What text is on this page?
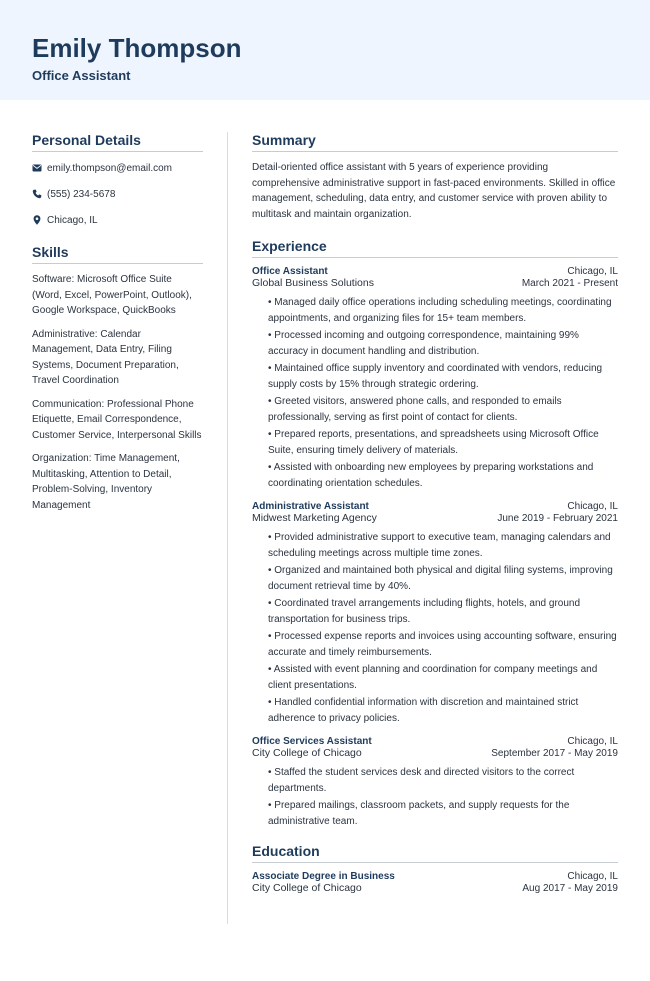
Emily Thompson
Office Assistant
Personal Details
emily.thompson@email.com
(555) 234-5678
Chicago, IL
Skills
Software: Microsoft Office Suite (Word, Excel, PowerPoint, Outlook), Google Workspace, QuickBooks
Administrative: Calendar Management, Data Entry, Filing Systems, Document Preparation, Travel Coordination
Communication: Professional Phone Etiquette, Email Correspondence, Customer Service, Interpersonal Skills
Organization: Time Management, Multitasking, Attention to Detail, Problem-Solving, Inventory Management
Summary

Detail-oriented office assistant with 5 years of experience providing comprehensive administrative support in fast-paced environments. Skilled in office management, scheduling, data entry, and customer service with proven ability to multitask and maintain organization.

Experience
Office Assistant	Chicago, IL
Global Business Solutions	March 2021 - Present
• Managed daily office operations including scheduling meetings, coordinating appointments, and organizing files for 15+ team members.
• Processed incoming and outgoing correspondence, maintaining 99% accuracy in document handling and distribution.
• Maintained office supply inventory and coordinated with vendors, reducing supply costs by 15% through strategic ordering.
• Greeted visitors, answered phone calls, and responded to emails professionally, serving as first point of contact for clients.
• Prepared reports, presentations, and spreadsheets using Microsoft Office Suite, ensuring timely delivery of materials.
• Assisted with onboarding new employees by preparing workstations and coordinating orientation schedules.
Administrative Assistant	Chicago, IL
Midwest Marketing Agency	June 2019 - February 2021
• Provided administrative support to executive team, managing calendars and scheduling meetings across multiple time zones.
• Organized and maintained both physical and digital filing systems, improving document retrieval time by 40%.
• Coordinated travel arrangements including flights, hotels, and ground transportation for business trips.
• Processed expense reports and invoices using accounting software, ensuring accurate and timely reimbursements.
• Assisted with event planning and coordination for company meetings and client presentations.
• Handled confidential information with discretion and maintained strict adherence to privacy policies.
Office Services Assistant	Chicago, IL
City College of Chicago	September 2017 - May 2019
• Staffed the student services desk and directed visitors to the correct departments.
• Prepared mailings, classroom packets, and supply requests for the administrative team.
Education
Associate Degree in Business	Chicago, IL
City College of Chicago	Aug 2017 - May 2019
